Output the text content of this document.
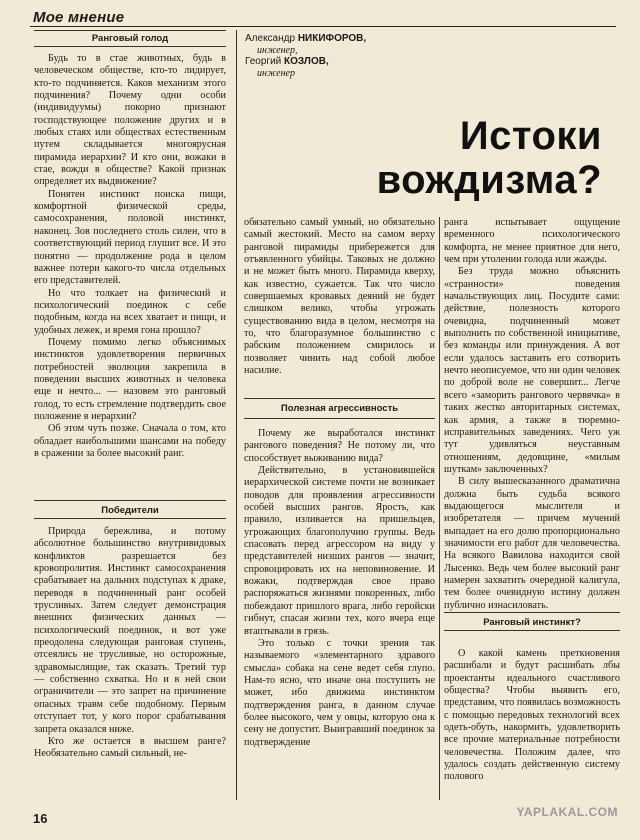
Мое мнение
Ранговый голод

Будь то в стае животных, будь в человеческом обществе, кто-то лидирует, кто-то подчиняется. Каков механизм этого подчинения? Почему одни особи (индивидуумы) покорно признают господствующее положение других и в любых стаях или обществах естественным путем складывается многоярусная пирамида иерархии? И кто они, вожаки в стае, вожди в обществе? Какой признак определяет их выдвижение?

Понятен инстинкт поиска пищи, комфортной физической среды, самосохранения, половой инстинкт, наконец. Зов последнего столь силен, что в соответствующий период глушит все. И это понятно — продолжение рода в целом важнее потери какого-то числа отдельных его представителей.

Но что толкает на физический и психологический поединок с себе подобным, когда на всех хватает и пищи, и удобных лежек, и время гона прошло?

Почему помимо легко объяснимых инстинктов удовлетворения первичных потребностей эволюция закрепила в поведении высших животных и человека еще и нечто... — назовем это ранговый голод, то есть стремление подтвердить свое положение в иерархии?

Об этом чуть позже. Сначала о том, кто обладает наибольшими шансами на победу в сражении за более высокий ранг.

Победители

Природа бережлива, и потому абсолютное большинство внутривидовых конфликтов разрешается без кровопролития. Инстинкт самосохранения срабатывает на дальних подступах к драке, переводя в подчиненный ранг особей трусливых. Затем следует демонстрация внешних физических данных — психологический поединок, и вот уже преодолена следующая ранговая ступень, отсеялись не трусливые, но осторожные, здравомыслящие, так сказать. Третий тур — собственно схватка. Но и в ней свои ограничители — это запрет на причинение опасных травм себе подобному. Первым отступает тот, у кого порог срабатывания запрета оказался ниже.

Кто же остается в высшем ранге? Необязательно самый сильный, не-

Александр НИКИФОРОВ,
инженер,
Георгий КОЗЛОВ,
инженер
Истоки
вождизма?

обязательно самый умный, но обязательно самый жестокий. Место на самом верху ранговой пирамиды прибережется для отъявленного убийцы. Таковых не должно и не может быть много. Пирамида кверху, как известно, сужается. Так что число совершаемых кровавых деяний не будет слишком велико, чтобы угрожать существованию вида в целом, несмотря на то, что благоразумное большинство с рабским положением смирилось и позволяет чинить над собой любое насилие.

Полезная агрессивность

Почему же выработался инстинкт рангового поведения? Не потому ли, что способствует выживанию вида?

Действительно, в установившейся иерархической системе почти не возникает поводов для проявления агрессивности особей высших рангов. Ярость, как правило, изливается на пришельцев, угрожающих благополучию группы. Ведь спасовать перед агрессором на виду у представителей низших рангов — значит, спровоцировать их на неповиновение. И вожаки, подтверждая свое право распоряжаться жизнями покоренных, либо побеждают пришлого врага, либо геройски гибнут, спасая жизни тех, кого вчера еще втаптывали в грязь.

Это только с точки зрения так называемого «элементарного здравого смысла» собака на сене ведет себя глупо. Нам-то ясно, что иначе она поступить не может, ибо движима инстинктом подтверждения ранга, в данном случае более высокого, чем у овцы, которую она к сену не допустит. Выигравший поединок за подтверждение

ранга испытывает ощущение временного психологического комфорта, не менее приятное для него, чем при утолении голода или жажды.

Без труда можно объяснить «странности» поведения начальствующих лиц. Посудите сами: действие, полезность которого очевидна, подчиненный может выполнить по собственной инициативе, без команды или принуждения. А вот если удалось заставить его сотворить нечто неописуемое, что ни один человек по доброй воле не совершит... Легче всего «заморить рангового червячка» в таких жестко авторитарных системах, как армия, а также в тюремно-исправительных заведениях. Чего уж тут удивляться неуставным отношениям, дедовщине, «милым шуткам» заключенных?

В силу вышесказанного драматична должна быть судьба всякого выдающегося мыслителя и изобретателя — причем мучений выпадает на его долю пропорционально значимости его работ для человечества. На всякого Вавилова находится свой Лысенко. Ведь чем более высокий ранг намерен захватить очередной калигула, тем более очевидную истину должен публично изнасиловать.

Ранговый инстинкт?

О какой камень преткновения расшибали и будут расшибать лбы проектанты идеального счастливого общества? Чтобы выявить его, представим, что появилась возможность с помощью передовых технологий всех одеть-обуть, накормить, удовлетворить все прочие материальные потребности человечества. Положим далее, что удалось создать действенную систему полового

16	YAPLAKAL.COM
